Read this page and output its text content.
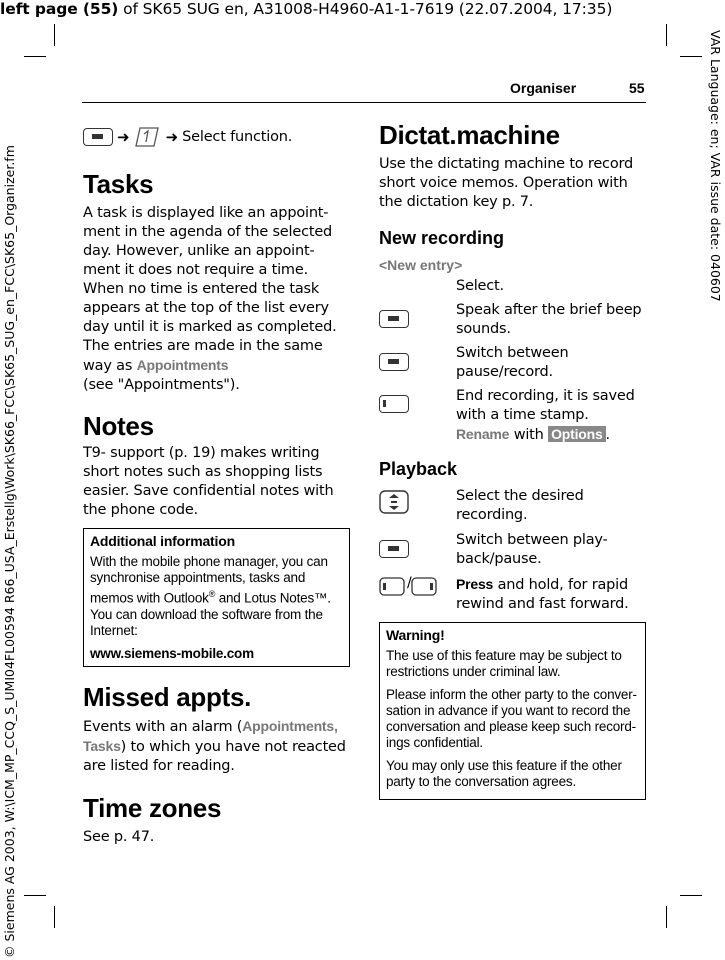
left page (55) of SK65 SUG en, A31008-H4960-A1-1-7619 (22.07.2004, 17:35)
© Siemens AG 2003, W:\ICM_MP_CCQ_S_UMI04FL00594 R66_USA_Erstellg\Work\SK66_FCC\SK65_SUG_en_FCC\SK65_Organizer.fm	VAR Language: en; VAR issue date: 040607
Organiser	55
➜ ➜ Select function.
Tasks

A task is displayed like an appoint-ment in the agenda of the selected day. However, unlike an appoint-ment it does not require a time. When no time is entered the task appears at the top of the list every day until it is marked as completed. The entries are made in the same way as Appointments
(see "Appointments").

Notes

T9- support (p. 19) makes writing short notes such as shopping lists easier. Save confidential notes with the phone code.

Additional information

With the mobile phone manager, you can synchronise appointments, tasks and memos with Outlook® and Lotus Notes™. You can download the software from the Internet:

www.siemens-mobile.com

Missed appts.

Events with an alarm (Appointments, Tasks) to which you have not reacted are listed for reading.

Time zones

See p. 47.

Dictat.machine

Use the dictating machine to record short voice memos. Operation with the dictation key p. 7.

New recording
<New entry>
Select.
Speak after the brief beep sounds.
Switch between pause/record.
End recording, it is saved with a time stamp.
Rename with Options .
Playback
Select the desired recording.
Switch between play-back/pause.
/	Press and hold, for rapid rewind and fast forward.
Warning!

The use of this feature may be subject to restrictions under criminal law.

Please inform the other party to the conver-sation in advance if you want to record the conversation and please keep such record-ings confidential.

You may only use this feature if the other party to the conversation agrees.
